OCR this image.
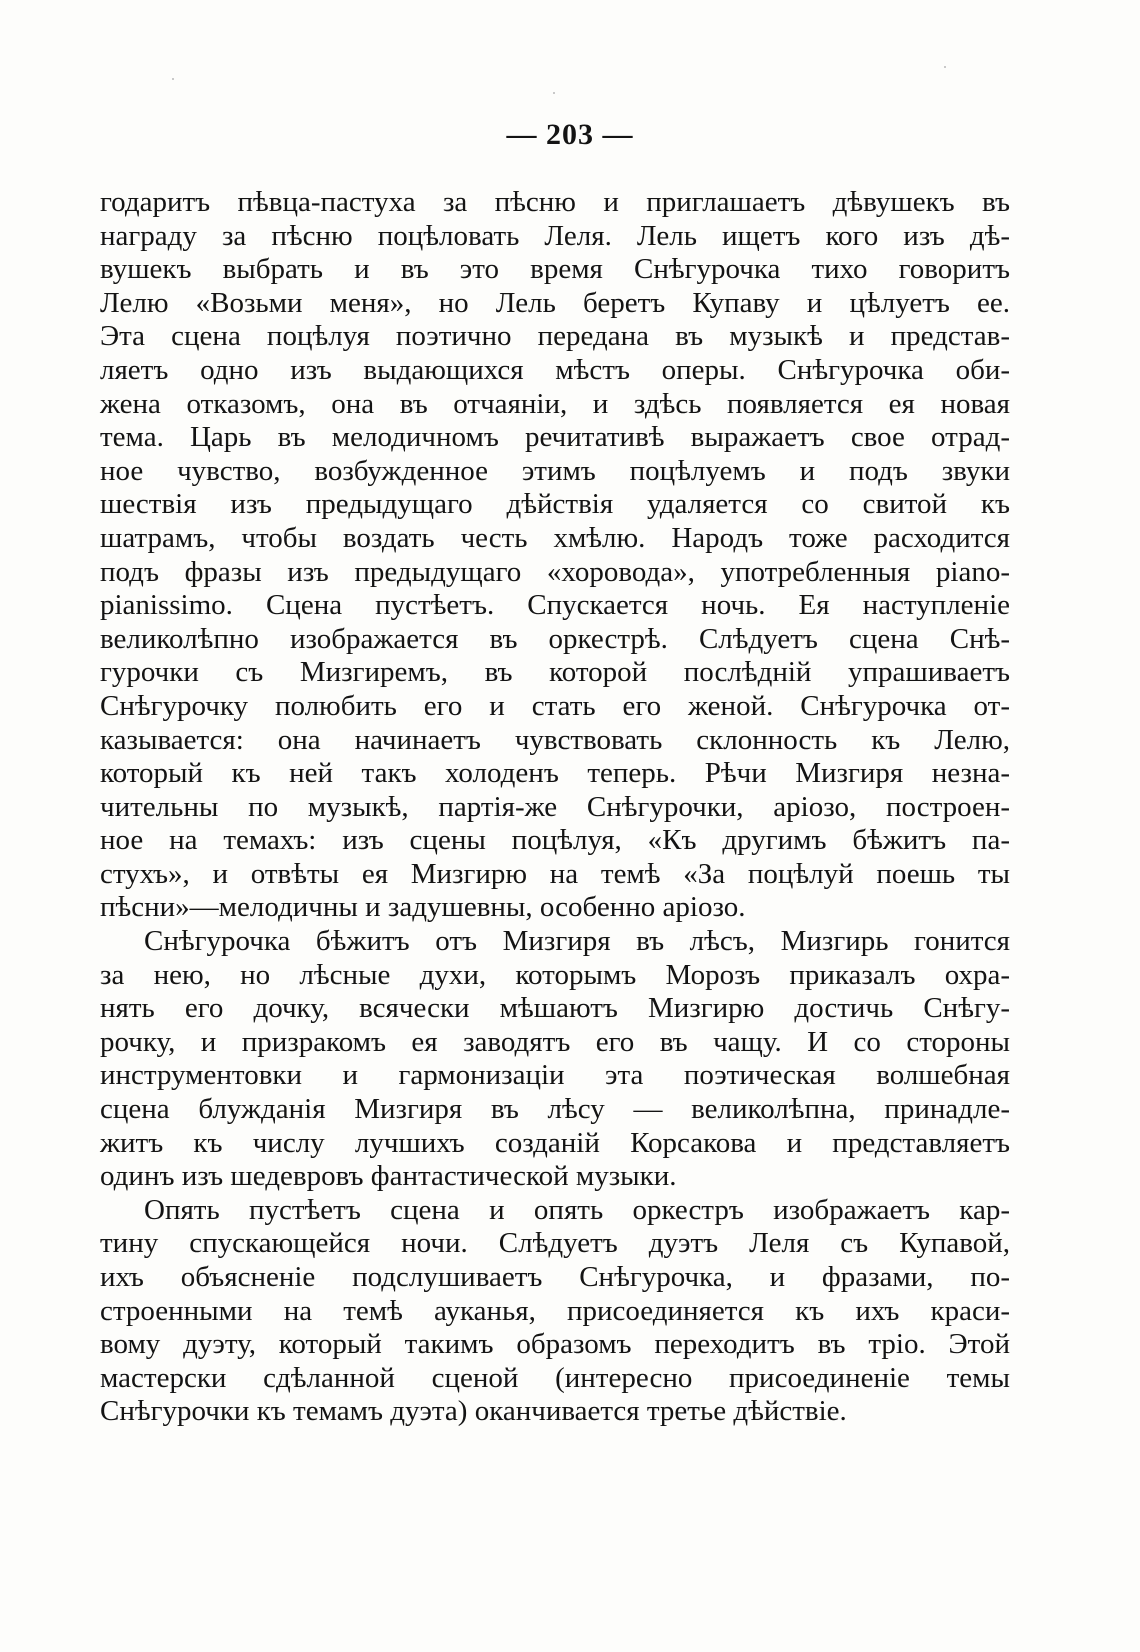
— 203 —
годаритъ пѣвца-пастуха за пѣсню и приглашаетъ дѣвушекъ въ
награду за пѣсню поцѣловать Леля. Лель ищетъ кого изъ дѣ-
вушекъ выбрать и въ это время Снѣгурочка тихо говоритъ
Лелю «Возьми меня», но Лель беретъ Купаву и цѣлуетъ ее.
Эта сцена поцѣлуя поэтично передана въ музыкѣ и представ-
ляетъ одно изъ выдающихся мѣстъ оперы. Снѣгурочка оби-
жена отказомъ, она въ отчаяніи, и здѣсь появляется ея новая
тема. Царь въ мелодичномъ речитативѣ выражаетъ свое отрад-
ное чувство, возбужденное этимъ поцѣлуемъ и подъ звуки
шествія изъ предыдущаго дѣйствія удаляется со свитой къ
шатрамъ, чтобы воздать честь хмѣлю. Народъ тоже расходится
подъ фразы изъ предыдущаго «хоровода», употребленныя piano-
pianissimo. Сцена пустѣетъ. Спускается ночь. Ея наступленіе
великолѣпно изображается въ оркестрѣ. Слѣдуетъ сцена Снѣ-
гурочки съ Мизгиремъ, въ которой послѣдній упрашиваетъ
Снѣгурочку полюбить его и стать его женой. Снѣгурочка от-
казывается: она начинаетъ чувствовать склонность къ Лелю,
который къ ней такъ холоденъ теперь. Рѣчи Мизгиря незна-
чительны по музыкѣ, партія-же Снѣгурочки, аріозо, построен-
ное на темахъ: изъ сцены поцѣлуя, «Къ другимъ бѣжитъ па-
стухъ», и отвѣты ея Мизгирю на темѣ «За поцѣлуй поешь ты
пѣсни»—мелодичны и задушевны, особенно аріозо.
Снѣгурочка бѣжитъ отъ Мизгиря въ лѣсъ, Мизгирь гонится
за нею, но лѣсные духи, которымъ Морозъ приказалъ охра-
нять его дочку, всячески мѣшаютъ Мизгирю достичь Снѣгу-
рочку, и призракомъ ея заводятъ его въ чащу. И со стороны
инструментовки и гармонизаціи эта поэтическая волшебная
сцена блужданія Мизгиря въ лѣсу — великолѣпна, принадле-
житъ къ числу лучшихъ созданій Корсакова и представляетъ
одинъ изъ шедевровъ фантастической музыки.
Опять пустѣетъ сцена и опять оркестръ изображаетъ кар-
тину спускающейся ночи. Слѣдуетъ дуэтъ Леля съ Купавой,
ихъ объясненіе подслушиваетъ Снѣгурочка, и фразами, по-
строенными на темѣ ауканья, присоединяется къ ихъ краси-
вому дуэту, который такимъ образомъ переходитъ въ тріо. Этой
мастерски сдѣланной сценой (интересно присоединеніе темы
Снѣгурочки къ темамъ дуэта) оканчивается третье дѣйствіе.
